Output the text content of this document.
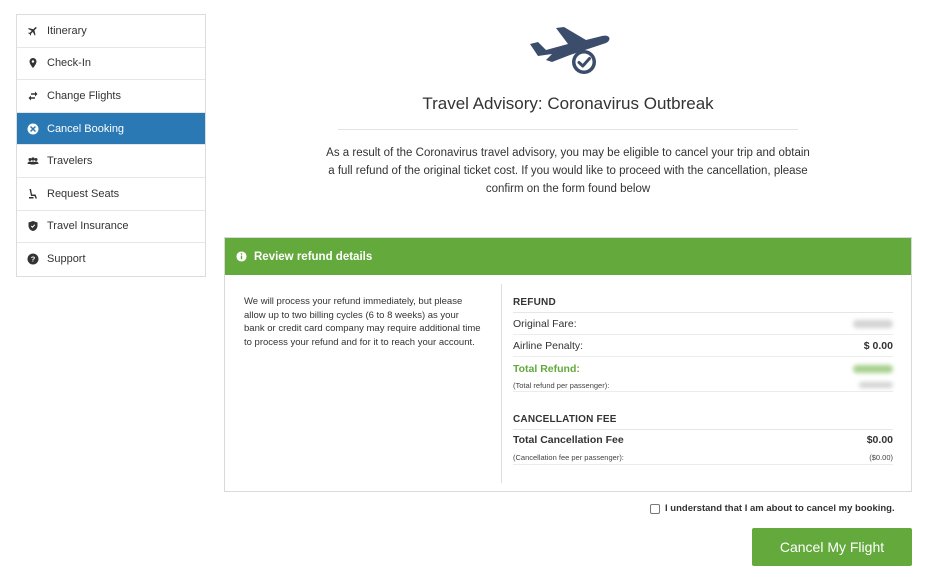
Itinerary
Check-In
Change Flights
Cancel Booking
Travelers
Request Seats
Travel Insurance
? Support
Travel Advisory: Coronavirus Outbreak

As a result of the Coronavirus travel advisory, you may be eligible to cancel your trip and obtain a full refund of the original ticket cost. If you would like to proceed with the cancellation, please confirm on the form found below

Review refund details

We will process your refund immediately, but please allow up to two billing cycles (6 to 8 weeks) as your bank or credit card company may require additional time to process your refund and for it to reach your account.

REFUND
Original Fare:
Airline Penalty:	$ 0.00
Total Refund:
(Total refund per passenger):
CANCELLATION FEE
Total Cancellation Fee	$0.00
(Cancellation fee per passenger):	($0.00)
I understand that I am about to cancel my booking.
Cancel My Flight
